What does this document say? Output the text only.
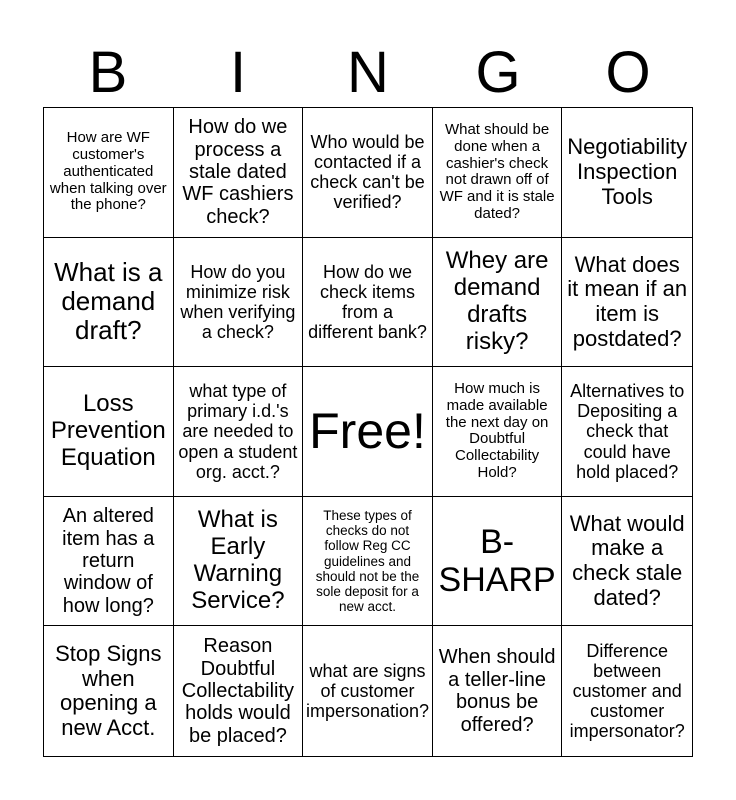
B	I	N	G	O
How are WF customer's authenticated when talking over the phone?
How do we process a stale dated WF cashiers check?
Who would be contacted if a check can't be verified?
What should be done when a cashier's check not drawn off of WF and it is stale dated?
Negotiability Inspection Tools
What is a demand draft?
How do you minimize risk when verifying a check?
How do we check items from a different bank?
Whey are demand drafts risky?
What does it mean if an item is postdated?
Loss Prevention Equation
what type of primary i.d.'s are needed to open a student org. acct.?
Free!
How much is made available the next day on Doubtful Collectability Hold?
Alternatives to Depositing a check that could have hold placed?
An altered item has a return window of how long?
What is Early Warning Service?
These types of checks do not follow Reg CC guidelines and should not be the sole deposit for a new acct.
B-SHARP
What would make a check stale dated?
Stop Signs when opening a new Acct.
Reason Doubtful Collectability holds would be placed?
what are signs of customer impersonation?
When should a teller-line bonus be offered?
Difference between customer and customer impersonator?
